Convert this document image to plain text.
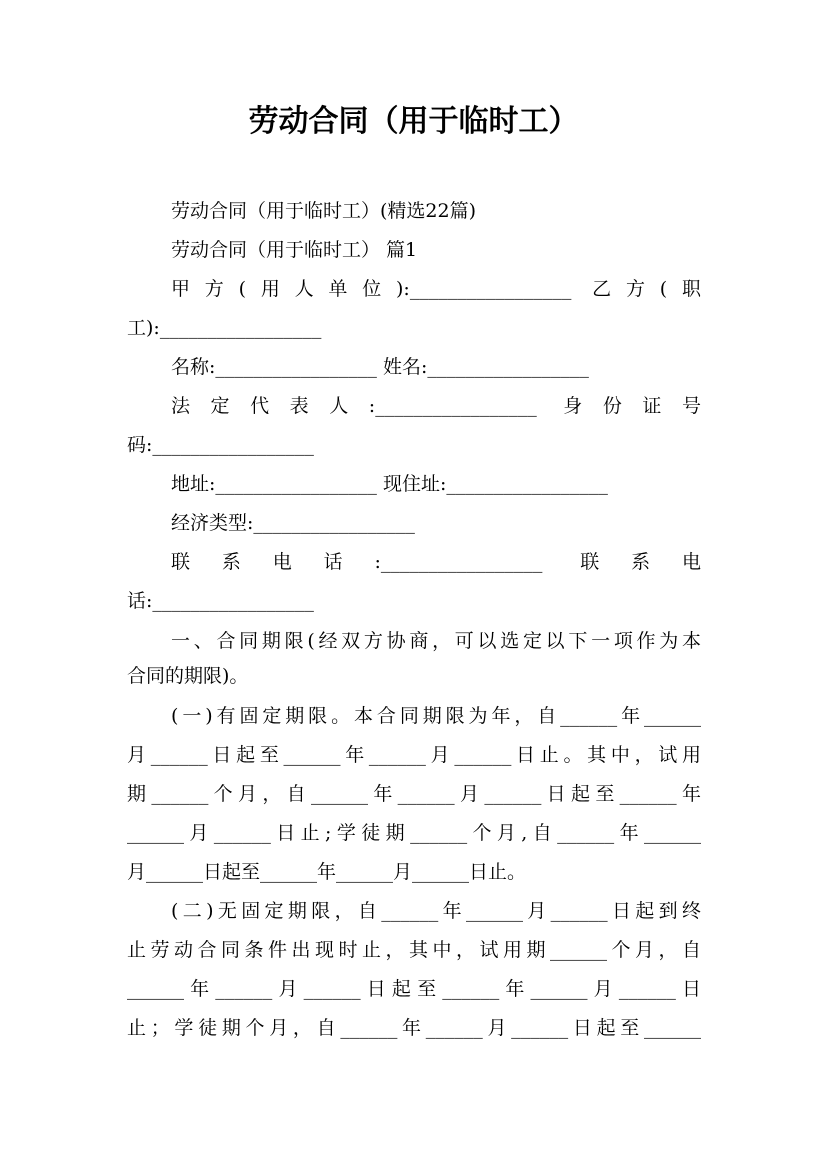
劳动合同（用于临时工）
劳动合同（用于临时工）(精选22篇)
劳动合同（用于临时工） 篇1
甲方(用人单位):_________________ 乙方(职
工):_________________
名称:_________________ 姓名:_________________
法定代表人:_________________ 身份证号
码:_________________
地址:_________________ 现住址:_________________
经济类型:_________________
联系电话:_________________ 联系电
话:_________________
一、合同期限(经双方协商，可以选定以下一项作为本
合同的期限)。
(一)有固定期限。本合同期限为年，自______年______
月______日起至______年______月______日止。其中，试用
期______个月，自______年______月______日起至______年
______月______日止;学徒期______个月,自______年______
月______日起至______年______月______日止。
(二)无固定期限，自______年______月______日起到终
止劳动合同条件出现时止，其中，试用期______个月，自
______年______月______日起至______年______月______日
止；学徒期个月，自______年______月______日起至______
